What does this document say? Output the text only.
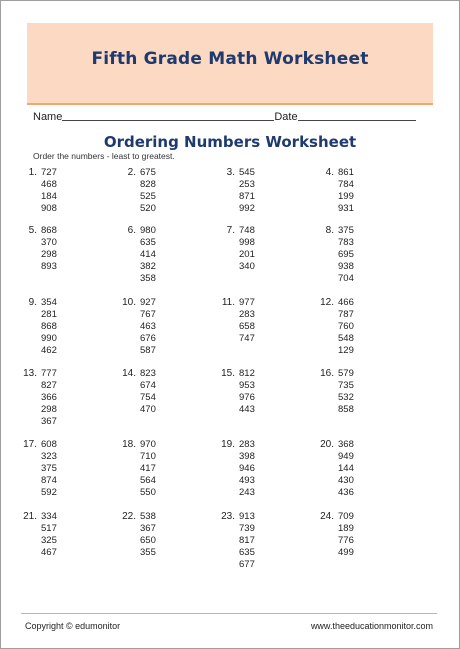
Fifth Grade Math Worksheet
Name	Date
Ordering Numbers Worksheet
Order the numbers - least to greatest.
1. 727
468
184
908
2. 675
828
525
520
3. 545
253
871
992
4. 861
784
199
931
5. 868
370
298
893
6. 980
635
414
382
358
7. 748
998
201
340
8. 375
783
695
938
704
9. 354
281
868
990
462
10. 927
767
463
676
587
11. 977
283
658
747
12. 466
787
760
548
129
13. 777
827
366
298
367
14. 823
674
754
470
15. 812
953
976
443
16. 579
735
532
858
17. 608
323
375
874
592
18. 970
710
417
564
550
19. 283
398
946
493
243
20. 368
949
144
430
436
21. 334
517
325
467
22. 538
367
650
355
23. 913
739
817
635
677
24. 709
189
776
499
Copyright © edumonitor	www.theeducationmonitor.com
